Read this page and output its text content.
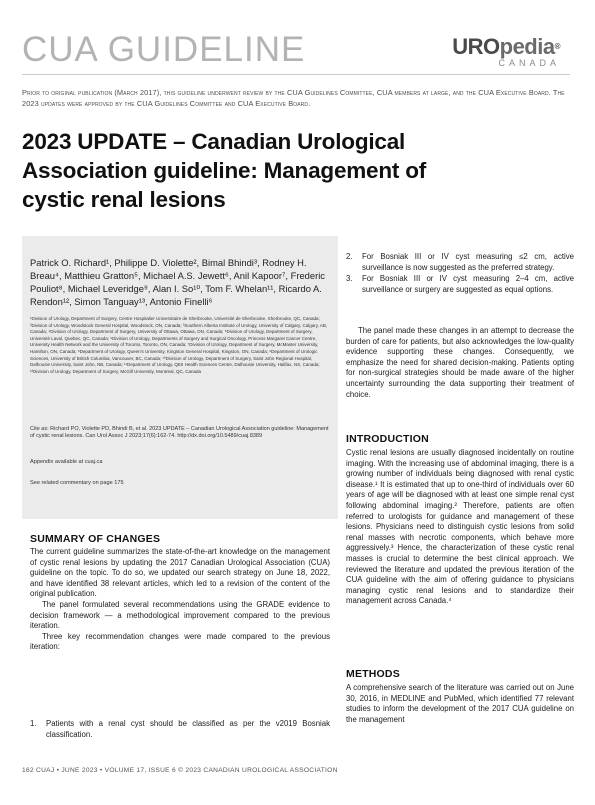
CUA GUIDELINE	UROpedia®
CANADA
Prior to original publication (March 2017), this guideline underwent review by the CUA Guidelines Committee, CUA members at large, and the CUA Executive Board. The 2023 updates were approved by the CUA Guidelines Committee and CUA Executive Board.
2023 UPDATE – Canadian Urological Association guideline: Management of cystic renal lesions
Patrick O. Richard¹, Philippe D. Violette², Bimal Bhindi³, Rodney H. Breau⁴, Matthieu Gratton⁵, Michael A.S. Jewett⁶, Anil Kapoor⁷, Frederic Pouliot⁸, Michael Leveridge⁹, Alan I. So¹⁰, Tom F. Whelan¹¹, Ricardo A. Rendon¹², Simon Tanguay¹³, Antonio Finelli⁶
¹Division of Urology, Department of Surgery, Centre Hospitalier Universitaire de Sherbrooke, Université de Sherbrooke, Sherbrooke, QC, Canada; ²Division of Urology, Woodstock General Hospital, Woodstock, ON, Canada; ³Southern Alberta Institute of Urology, University of Calgary, Calgary, AB, Canada; ⁴Division of Urology, Department of Surgery, University of Ottawa, Ottawa, ON, Canada; ⁵Division of Urology, Department of Surgery, Université Laval, Quebec, QC, Canada; ⁶Division of Urology, Departments of Surgery and Surgical Oncology, Princess Margaret Cancer Centre, University Health Network and the University of Toronto, Toronto, ON, Canada; ⁷Division of Urology, Department of Surgery, McMaster University, Hamilton, ON, Canada; ⁸Department of Urology, Queen's University, Kingston General Hospital, Kingston, ON, Canada; ⁹Department of Urologic Sciences, University of British Columbia, Vancouver, BC, Canada; ¹⁰Division of Urology, Department of Surgery, Saint John Regional Hospital, Dalhousie University, Saint John, NB, Canada; ¹¹Department of Urology, QEII Health Sciences Centre, Dalhousie University, Halifax, NS, Canada; ¹²Division of Urology, Department of Surgery, McGill University, Montreal, QC, Canada
Cite as: Richard PO, Violette PD, Bhindi B, et al. 2023 UPDATE – Canadian Urological Association guideline: Management of cystic renal lesions. Can Urol Assoc J 2023;17(6):162-74. http://dx.doi.org/10.5489/cuaj.8389
Appendix available at cuaj.ca
See related commentary on page 175
SUMMARY OF CHANGES

The current guideline summarizes the state-of-the-art knowledge on the management of cystic renal lesions by updating the 2017 Canadian Urological Association (CUA) guideline on the topic. To do so, we updated our search strategy on June 18, 2022, and have identified 38 relevant articles, which led to a revision of the content of the original publication.

The panel formulated several recommendations using the GRADE evidence to decision framework — a methodological improvement compared to the previous iteration.

Three key recommendation changes were made compared to the previous iteration:

1. Patients with a renal cyst should be classified as per the v2019 Bosniak classification.
2. For Bosniak III or IV cyst measuring ≤2 cm, active surveillance is now suggested as the preferred strategy.
3. For Bosniak III or IV cyst measuring 2–4 cm, active surveillance or surgery are suggested as equal options.

The panel made these changes in an attempt to decrease the burden of care for patients, but also acknowledges the low-quality evidence supporting these changes. Consequently, we emphasize the need for shared decision-making. Patients opting for non-surgical strategies should be made aware of the higher uncertainty surrounding the data supporting their treatment of choice.

INTRODUCTION

Cystic renal lesions are usually diagnosed incidentally on routine imaging. With the increasing use of abdominal imaging, there is a growing number of individuals being diagnosed with renal cystic disease.¹ It is estimated that up to one-third of individuals over 60 years of age will be diagnosed with at least one simple renal cyst following abdominal imaging.² Therefore, patients are often referred to urologists for guidance and management of these lesions. Physicians need to distinguish cystic lesions from solid renal masses with necrotic components, which behave more aggressively.³ Hence, the characterization of these cystic renal masses is crucial to determine the best clinical approach. We reviewed the literature and updated the previous iteration of the CUA guideline with the aim of offering guidance to physicians managing cystic renal lesions and to standardize their management across Canada.⁴

METHODS

A comprehensive search of the literature was carried out on June 30, 2016, in MEDLINE and PubMed, which identified 77 relevant studies to inform the development of the 2017 CUA guideline on the management

162 CUAJ • JUNE 2023 • VOLUME 17, ISSUE 6 © 2023 CANADIAN UROLOGICAL ASSOCIATION
